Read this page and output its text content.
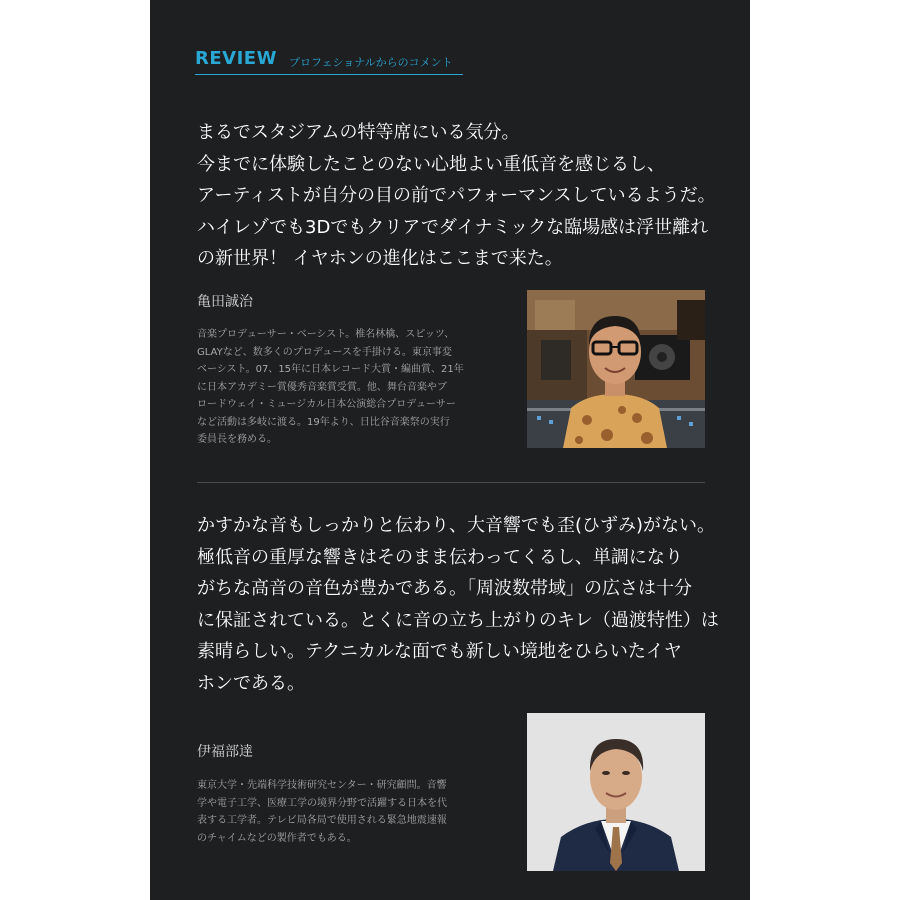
REVIEW プロフェショナルからのコメント

まるでスタジアムの特等席にいる気分。
今までに体験したことのない心地よい重低音を感じるし、
アーティストが自分の目の前でパフォーマンスしているようだ。
ハイレゾでも3Dでもクリアでダイナミックな臨場感は浮世離れ
の新世界！ イヤホンの進化はここまで来た。

亀田誠治

音楽プロデューサー・ベーシスト。椎名林檎、スピッツ、
GLAYなど、数多くのプロデュースを手掛ける。東京事変
ベーシスト。07、15年に日本レコード大賞・編曲賞、21年
に日本アカデミー賞優秀音楽賞受賞。他、舞台音楽やブ
ロードウェイ・ミュージカル日本公演総合プロデューサー
など活動は多岐に渡る。19年より、日比谷音楽祭の実行
委員長を務める。

かすかな音もしっかりと伝わり、大音響でも歪(ひずみ)がない。
極低音の重厚な響きはそのまま伝わってくるし、単調になり
がちな高音の音色が豊かである。「周波数帯域」の広さは十分
に保証されている。とくに音の立ち上がりのキレ（過渡特性）は
素晴らしい。テクニカルな面でも新しい境地をひらいたイヤ
ホンである。

伊福部達

東京大学・先端科学技術研究センター・研究顧問。音響
学や電子工学、医療工学の境界分野で活躍する日本を代
表する工学者。テレビ局各局で使用される緊急地震速報
のチャイムなどの製作者でもある。
